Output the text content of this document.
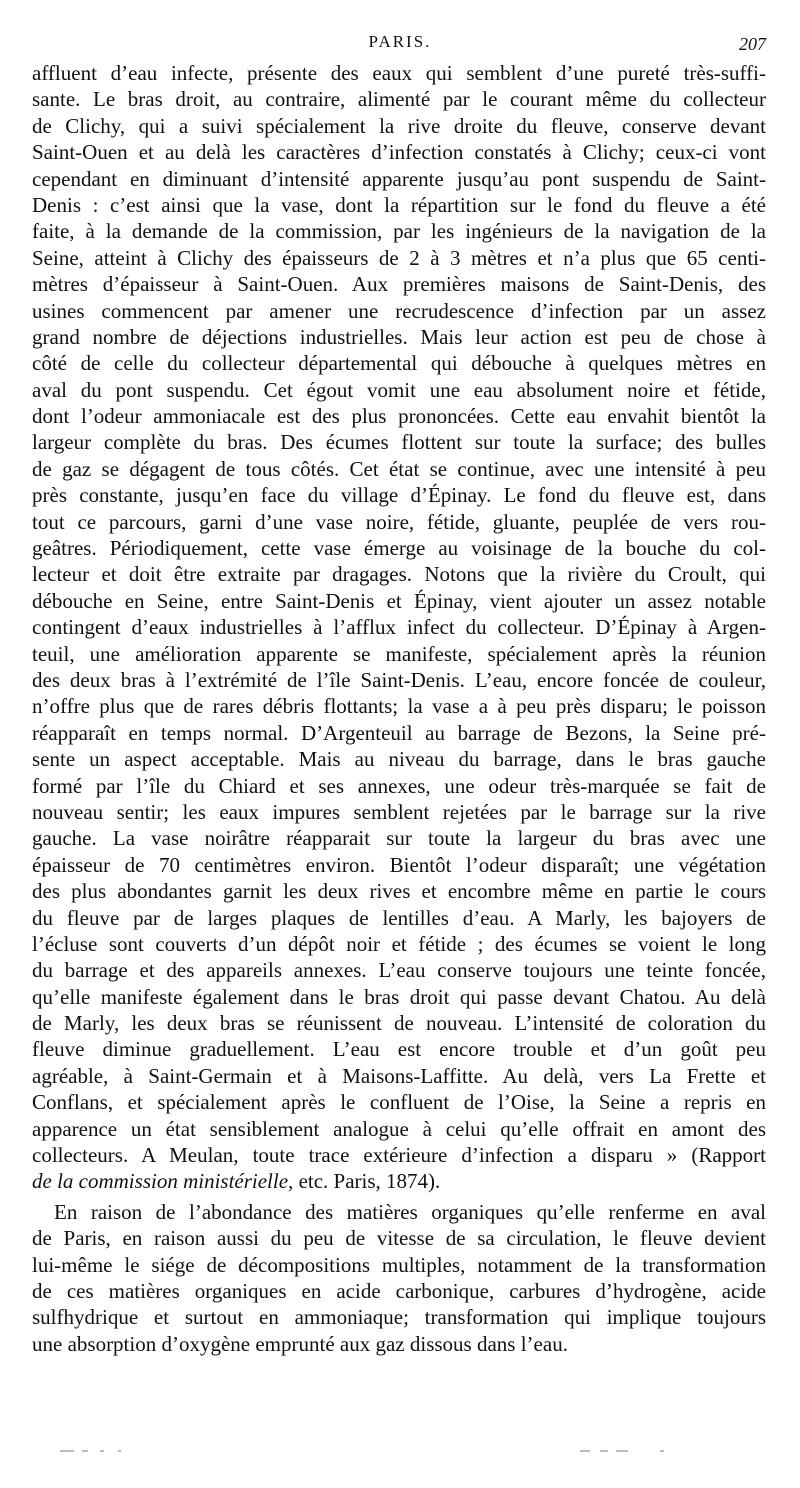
PARIS.	207
affluent d’eau infecte, présente des eaux qui semblent d’une pureté très-suffi-
sante. Le bras droit, au contraire, alimenté par le courant même du collecteur
de Clichy, qui a suivi spécialement la rive droite du fleuve, conserve devant
Saint-Ouen et au delà les caractères d’infection constatés à Clichy; ceux-ci vont
cependant en diminuant d’intensité apparente jusqu’au pont suspendu de Saint-
Denis : c’est ainsi que la vase, dont la répartition sur le fond du fleuve a été
faite, à la demande de la commission, par les ingénieurs de la navigation de la
Seine, atteint à Clichy des épaisseurs de 2 à 3 mètres et n’a plus que 65 centi-
mètres d’épaisseur à Saint-Ouen. Aux premières maisons de Saint-Denis, des
usines commencent par amener une recrudescence d’infection par un assez
grand nombre de déjections industrielles. Mais leur action est peu de chose à
côté de celle du collecteur départemental qui débouche à quelques mètres en
aval du pont suspendu. Cet égout vomit une eau absolument noire et fétide,
dont l’odeur ammoniacale est des plus prononcées. Cette eau envahit bientôt la
largeur complète du bras. Des écumes flottent sur toute la surface; des bulles
de gaz se dégagent de tous côtés. Cet état se continue, avec une intensité à peu
près constante, jusqu’en face du village d’Épinay. Le fond du fleuve est, dans
tout ce parcours, garni d’une vase noire, fétide, gluante, peuplée de vers rou-
geâtres. Périodiquement, cette vase émerge au voisinage de la bouche du col-
lecteur et doit être extraite par dragages. Notons que la rivière du Croult, qui
débouche en Seine, entre Saint-Denis et Épinay, vient ajouter un assez notable
contingent d’eaux industrielles à l’afflux infect du collecteur. D’Épinay à Argen-
teuil, une amélioration apparente se manifeste, spécialement après la réunion
des deux bras à l’extrémité de l’île Saint-Denis. L’eau, encore foncée de couleur,
n’offre plus que de rares débris flottants; la vase a à peu près disparu; le poisson
réapparaît en temps normal. D’Argenteuil au barrage de Bezons, la Seine pré-
sente un aspect acceptable. Mais au niveau du barrage, dans le bras gauche
formé par l’île du Chiard et ses annexes, une odeur très-marquée se fait de
nouveau sentir; les eaux impures semblent rejetées par le barrage sur la rive
gauche. La vase noirâtre réapparait sur toute la largeur du bras avec une
épaisseur de 70 centimètres environ. Bientôt l’odeur disparaît; une végétation
des plus abondantes garnit les deux rives et encombre même en partie le cours
du fleuve par de larges plaques de lentilles d’eau. A Marly, les bajoyers de
l’écluse sont couverts d’un dépôt noir et fétide ; des écumes se voient le long
du barrage et des appareils annexes. L’eau conserve toujours une teinte foncée,
qu’elle manifeste également dans le bras droit qui passe devant Chatou. Au delà
de Marly, les deux bras se réunissent de nouveau. L’intensité de coloration du
fleuve diminue graduellement. L’eau est encore trouble et d’un goût peu
agréable, à Saint-Germain et à Maisons-Laffitte. Au delà, vers La Frette et
Conflans, et spécialement après le confluent de l’Oise, la Seine a repris en
apparence un état sensiblement analogue à celui qu’elle offrait en amont des
collecteurs. A Meulan, toute trace extérieure d’infection a disparu » (Rapport
de la commission ministérielle, etc. Paris, 1874).
En raison de l’abondance des matières organiques qu’elle renferme en aval
de Paris, en raison aussi du peu de vitesse de sa circulation, le fleuve devient
lui-même le siége de décompositions multiples, notamment de la transformation
de ces matières organiques en acide carbonique, carbures d’hydrogène, acide
sulfhydrique et surtout en ammoniaque; transformation qui implique toujours
une absorption d’oxygène emprunté aux gaz dissous dans l’eau.
